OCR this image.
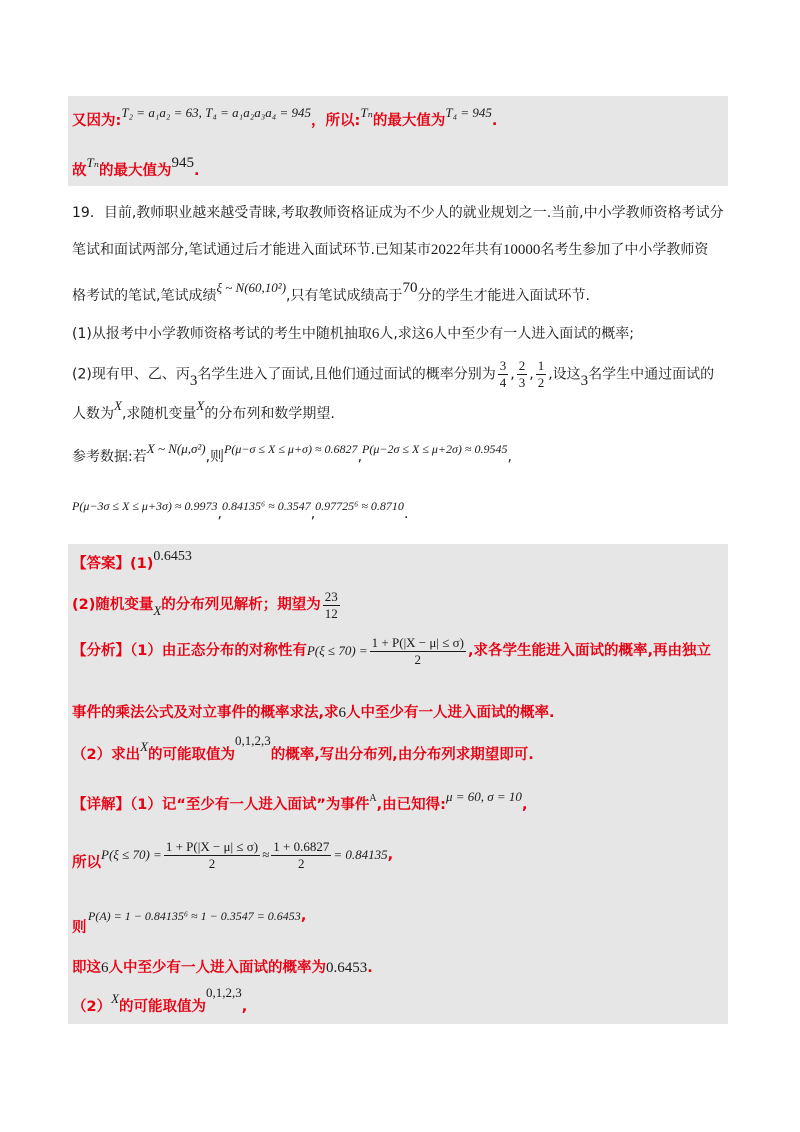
又因为:T₂ = a₁a₂ = 63, T₄ = a₁a₂a₃a₄ = 945，所以:Tₙ的最大值为T₄ = 945.
故Tₙ的最大值为945.
19．目前,教师职业越来越受青睐,考取教师资格证成为不少人的就业规划之一.当前,中小学教师资格考试分
笔试和面试两部分,笔试通过后才能进入面试环节.已知某市2022年共有10000名考生参加了中小学教师资
格考试的笔试,笔试成绩ξ ~ N(60,10²),只有笔试成绩高于70分的学生才能进入面试环节.
(1)从报考中小学教师资格考试的考生中随机抽取6人,求这6人中至少有一人进入面试的概率;
(2)现有甲、乙、丙3名学生进入了面试,且他们通过面试的概率分别为 $\frac{3}{4}$ , $\frac{2}{3}$ , $\frac{1}{2}$ ,设这3名学生中通过面试的
人数为X,求随机变量X的分布列和数学期望.
参考数据:若X ~ N(μ,σ²),则P(μ−σ ≤ X ≤ μ+σ) ≈ 0.6827,P(μ−2σ ≤ X ≤ μ+2σ) ≈ 0.9545,
P(μ−3σ ≤ X ≤ μ+3σ) ≈ 0.9973,0.84135⁶ ≈ 0.3547,0.97725⁶ ≈ 0.8710.
【答案】(1)0.6453
(2)随机变量X的分布列见解析；期望为 $\frac{23}{12}$
【分析】（1）由正态分布的对称性有$P(\xi \le 70) = \frac{1 + P(|X - \mu| \le \sigma)}{2}$ ,求各学生能进入面试的概率,再由独立
事件的乘法公式及对立事件的概率求法,求6人中至少有一人进入面试的概率.
（2）求出X的可能取值为0,1,2,3的概率,写出分布列,由分布列求期望即可.
【详解】（1）记“至少有一人进入面试”为事件$^A$,由已知得:μ = 60, σ = 10,
所以$P(\xi \le 70) = \frac{1 + P(|X - \mu| \le \sigma)}{2} \approx \frac{1 + 0.6827}{2} = 0.84135$,
P(A) = 1 − 0.84135⁶ ≈ 1 − 0.3547 = 0.6453,
则
即这6人中至少有一人进入面试的概率为0.6453.
（2）X的可能取值为0,1,2,3,
